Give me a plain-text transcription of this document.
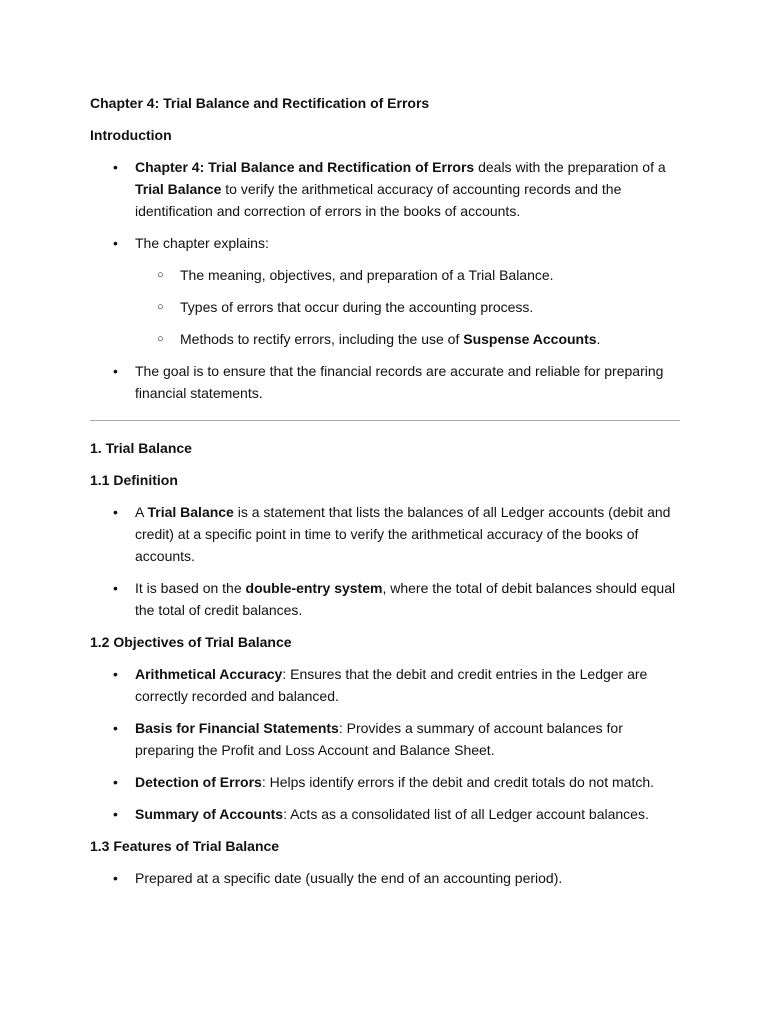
Chapter 4: Trial Balance and Rectification of Errors

Introduction

• Chapter 4: Trial Balance and Rectification of Errors deals with the preparation of a Trial Balance to verify the arithmetical accuracy of accounting records and the identification and correction of errors in the books of accounts.
• The chapter explains:
○ The meaning, objectives, and preparation of a Trial Balance.
○ Types of errors that occur during the accounting process.
○ Methods to rectify errors, including the use of Suspense Accounts.
• The goal is to ensure that the financial records are accurate and reliable for preparing financial statements.

1. Trial Balance

1.1 Definition

• A Trial Balance is a statement that lists the balances of all Ledger accounts (debit and credit) at a specific point in time to verify the arithmetical accuracy of the books of accounts.
• It is based on the double-entry system, where the total of debit balances should equal the total of credit balances.

1.2 Objectives of Trial Balance

• Arithmetical Accuracy: Ensures that the debit and credit entries in the Ledger are correctly recorded and balanced.
• Basis for Financial Statements: Provides a summary of account balances for preparing the Profit and Loss Account and Balance Sheet.
• Detection of Errors: Helps identify errors if the debit and credit totals do not match.
• Summary of Accounts: Acts as a consolidated list of all Ledger account balances.

1.3 Features of Trial Balance

• Prepared at a specific date (usually the end of an accounting period).
